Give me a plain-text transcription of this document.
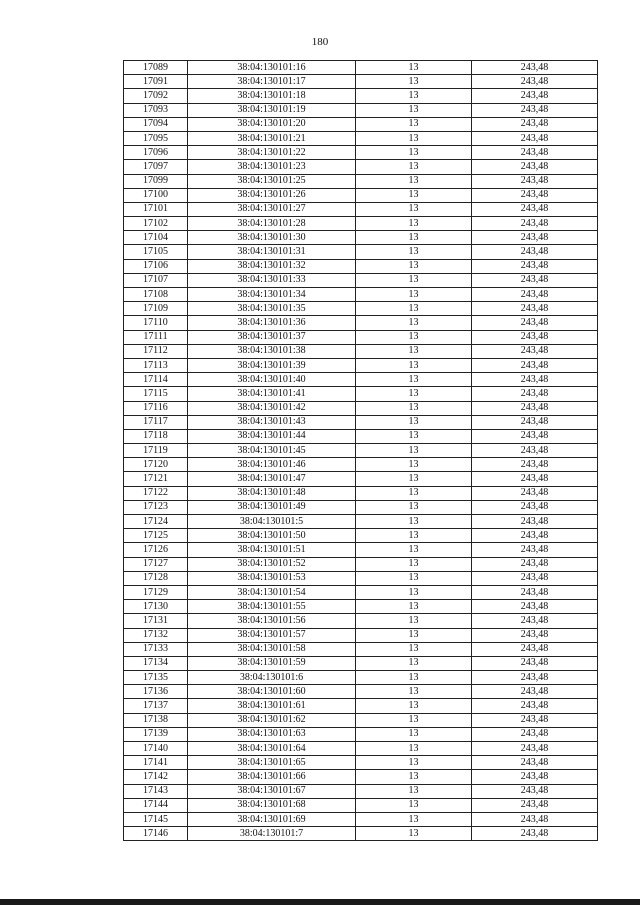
180
17089	38:04:130101:16	13	243,48
17091	38:04:130101:17	13	243,48
17092	38:04:130101:18	13	243,48
17093	38:04:130101:19	13	243,48
17094	38:04:130101:20	13	243,48
17095	38:04:130101:21	13	243,48
17096	38:04:130101:22	13	243,48
17097	38:04:130101:23	13	243,48
17099	38:04:130101:25	13	243,48
17100	38:04:130101:26	13	243,48
17101	38:04:130101:27	13	243,48
17102	38:04:130101:28	13	243,48
17104	38:04:130101:30	13	243,48
17105	38:04:130101:31	13	243,48
17106	38:04:130101:32	13	243,48
17107	38:04:130101:33	13	243,48
17108	38:04:130101:34	13	243,48
17109	38:04:130101:35	13	243,48
17110	38:04:130101:36	13	243,48
17111	38:04:130101:37	13	243,48
17112	38:04:130101:38	13	243,48
17113	38:04:130101:39	13	243,48
17114	38:04:130101:40	13	243,48
17115	38:04:130101:41	13	243,48
17116	38:04:130101:42	13	243,48
17117	38:04:130101:43	13	243,48
17118	38:04:130101:44	13	243,48
17119	38:04:130101:45	13	243,48
17120	38:04:130101:46	13	243,48
17121	38:04:130101:47	13	243,48
17122	38:04:130101:48	13	243,48
17123	38:04:130101:49	13	243,48
17124	38:04:130101:5	13	243,48
17125	38:04:130101:50	13	243,48
17126	38:04:130101:51	13	243,48
17127	38:04:130101:52	13	243,48
17128	38:04:130101:53	13	243,48
17129	38:04:130101:54	13	243,48
17130	38:04:130101:55	13	243,48
17131	38:04:130101:56	13	243,48
17132	38:04:130101:57	13	243,48
17133	38:04:130101:58	13	243,48
17134	38:04:130101:59	13	243,48
17135	38:04:130101:6	13	243,48
17136	38:04:130101:60	13	243,48
17137	38:04:130101:61	13	243,48
17138	38:04:130101:62	13	243,48
17139	38:04:130101:63	13	243,48
17140	38:04:130101:64	13	243,48
17141	38:04:130101:65	13	243,48
17142	38:04:130101:66	13	243,48
17143	38:04:130101:67	13	243,48
17144	38:04:130101:68	13	243,48
17145	38:04:130101:69	13	243,48
17146	38:04:130101:7	13	243,48
